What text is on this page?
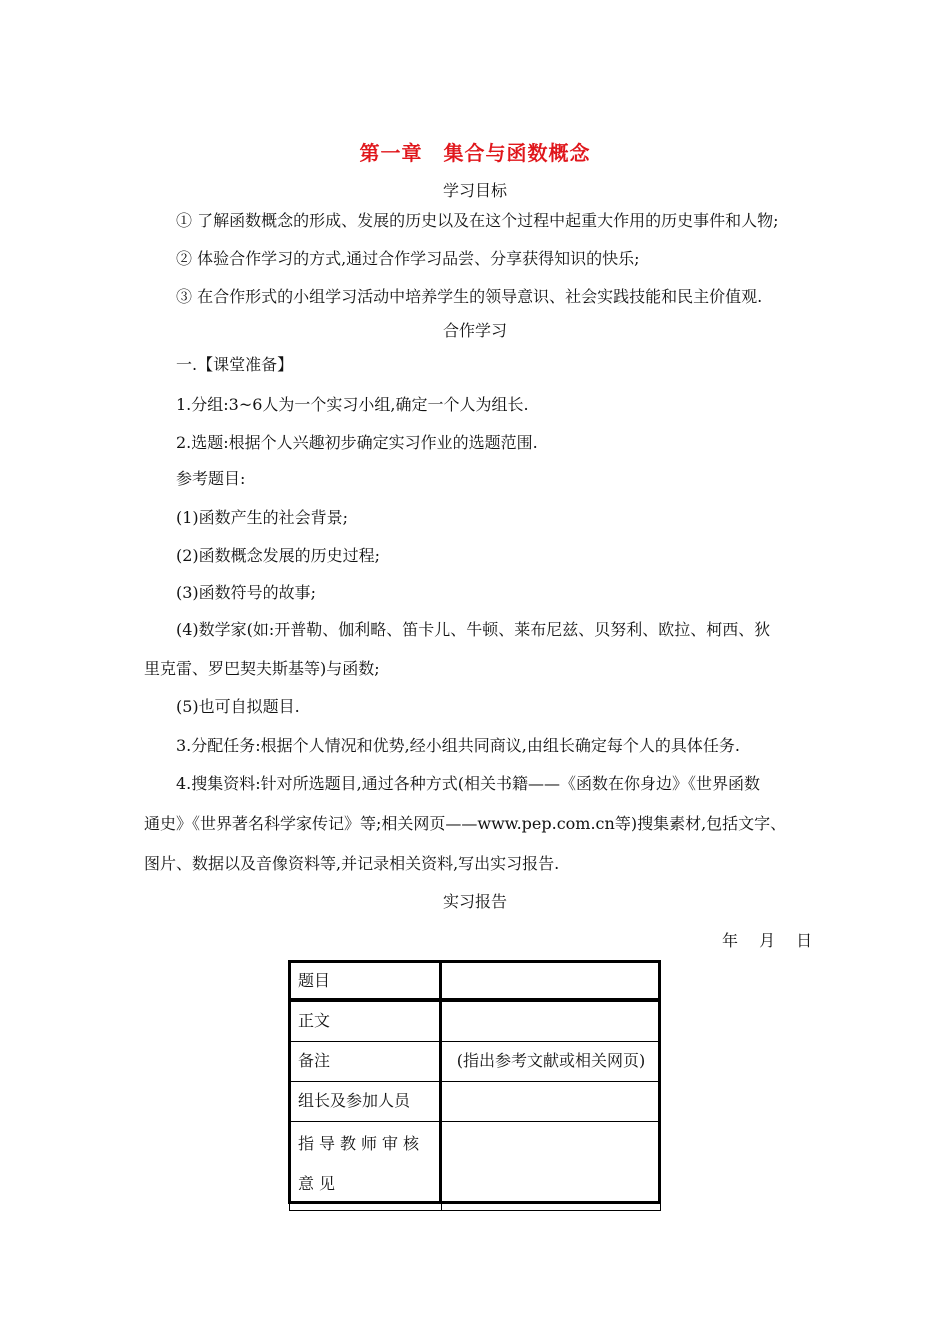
第一章　集合与函数概念
学习目标
① 了解函数概念的形成、发展的历史以及在这个过程中起重大作用的历史事件和人物;
② 体验合作学习的方式,通过合作学习品尝、分享获得知识的快乐;
③ 在合作形式的小组学习活动中培养学生的领导意识、社会实践技能和民主价值观.
合作学习
一.【课堂准备】
1.分组:3~6人为一个实习小组,确定一个人为组长.
2.选题:根据个人兴趣初步确定实习作业的选题范围.
参考题目:
(1)函数产生的社会背景;
(2)函数概念发展的历史过程;
(3)函数符号的故事;
(4)数学家(如:开普勒、伽利略、笛卡儿、牛顿、莱布尼兹、贝努利、欧拉、柯西、狄
里克雷、罗巴契夫斯基等)与函数;
(5)也可自拟题目.
3.分配任务:根据个人情况和优势,经小组共同商议,由组长确定每个人的具体任务.
4.搜集资料:针对所选题目,通过各种方式(相关书籍——《函数在你身边》《世界函数
通史》《世界著名科学家传记》等;相关网页——www.pep.com.cn等)搜集素材,包括文字、
图片、数据以及音像资料等,并记录相关资料,写出实习报告.
实习报告
年　 月　 日
题目	
正文	
备注	(指出参考文献或相关网页)
组长及参加人员	
指导教师审核意见	
